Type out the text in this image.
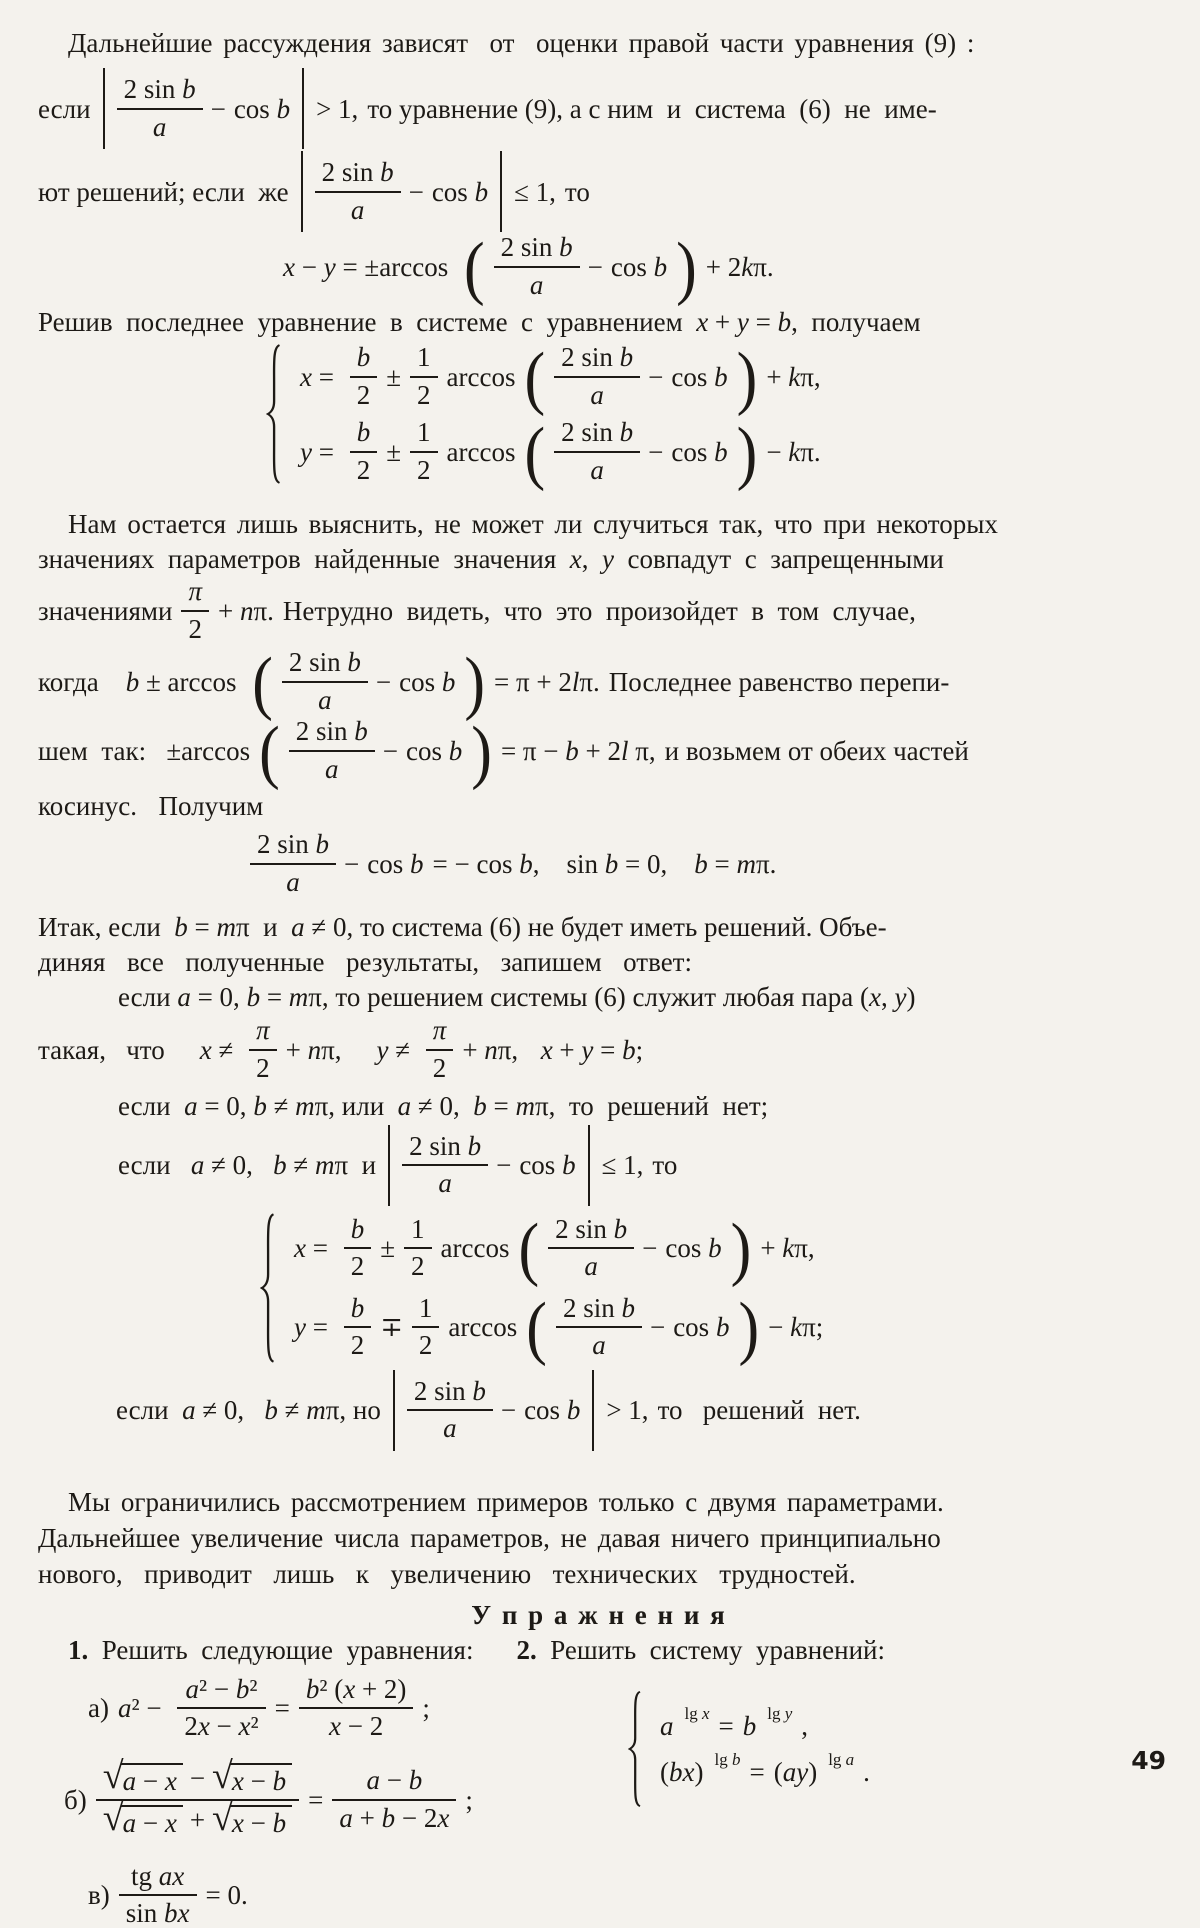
Дальнейшие рассуждения зависят  от  оценки правой части уравнения (9) :

если 2 sin
b
a − cos b > 1, то уравнение (9), а с ним  и  система  (6)  не  име-
ют решений; если  же 2 sin
b
a − cos b ≤ 1, то
x − y = ±arccos ( 2 sin
b
a − cos b ) + 2kπ.
Решив  последнее  уравнение  в  системе  с  уравнением  x + y = b,  получаем
$x = \frac{b}{2} \pm \frac{1}{2}$ arccos ( 2 sin
b
a − cos b ) + kπ,
$y = \frac{b}{2} \pm \frac{1}{2}$ arccos ( 2 sin
b
a − cos b ) − kπ.

Нам остается лишь выяснить, не может ли случиться так, что при некоторых

значениях  параметров  найденные  значения  x,  y  совпадут  с  запрещенными
значениями $\frac{\pi}{2} + n\pi$. Нетрудно  видеть,  что  это  произойдет  в  том  случае,
когда    b ± arccos ( 2 sin
b
a − cos b ) = π + 2lπ. Последнее равенство перепи-
шем  так:   ±arccos ( 2 sin
b
a − cos b ) = π − b + 2l π, и возьмем от обеих частей

косинус.  Получим

2 sin
b
a − cos b = − cos b,    sin b = 0,    b = mπ.
Итак, если  b = mπ  и  a ≠ 0, то система (6) не будет иметь решений. Объе-

диняя  все  полученные  результаты,  запишем  ответ:

если a = 0, b = mπ, то решением системы (6) служит любая пара (x, y)
такая,   что $x \ne \frac{\pi}{2} + n\pi$, $y \ne \frac{\pi}{2} + n\pi$, x + y = b;
если  a = 0, b ≠ mπ, или  a ≠ 0,  b = mπ,  то  решений  нет;
если   a ≠ 0,   b ≠ mπ  и 2 sin
b
a − cos b ≤ 1, то
$x = \frac{b}{2} \pm \frac{1}{2}$ arccos ( 2 sin
b
a − cos b ) + kπ,
$y = \frac{b}{2} \mp \frac{1}{2}$ arccos ( 2 sin
b
a − cos b ) − kπ;
если  a ≠ 0,   b ≠ mπ, но 2 sin
b
a − cos b > 1, то   решений  нет.

Мы ограничились рассмотрением примеров только с двумя параметрами.

Дальнейшее увеличение числа параметров, не давая ничего принципиально

нового,  приводит  лишь  к  увеличению  технических  трудностей.

У п р а ж н е н и я

1.  Решить  следующие  уравнения: 2.  Решить  систему  уравнений:
а) $a^2 - \frac{\text{a ² − b ²}}{\text{2 x − x ²}} = \frac{\text{b ² ( x + 2)}}{x - 2}$ ;
$б) \frac{√ a - x - √ x - b}{√ a - x + √ x - b} = \frac{a - b}{a + b - 2 x}$ ;
$в) \frac{\text{tg ax}}{\text{sin bx}} = 0$.
a $^{lg x}$ = b $^{lg y}$ ,
(bx) $^{lg b}$ = (ay) $^{lg a}$ .	49
